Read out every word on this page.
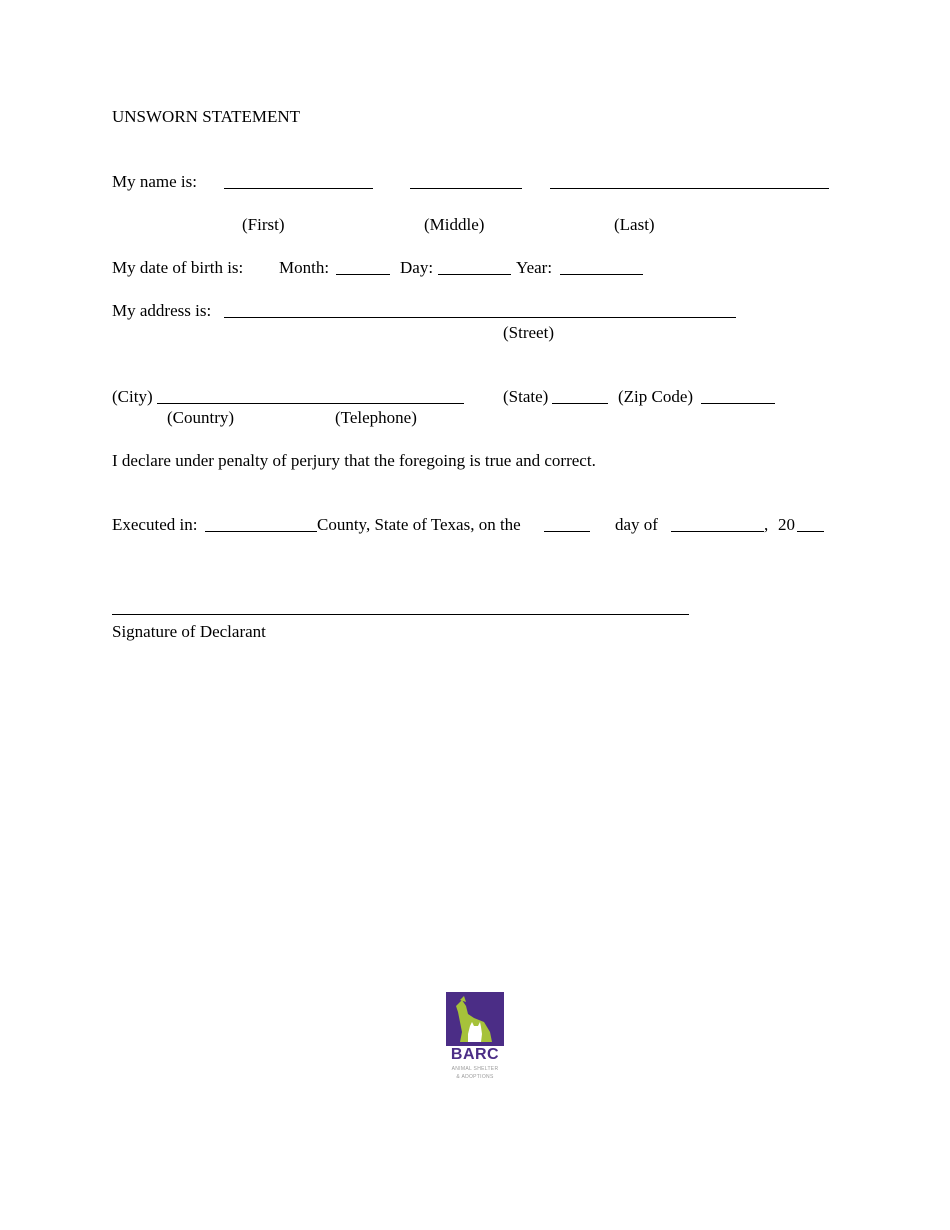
UNSWORN STATEMENT
My name is:
(First)	(Middle)	(Last)
My date of birth is: Month:	Day:	Year:
My address is:
(Street)
(City)	(State)	(Zip Code)
(Country)	(Telephone)
I declare under penalty of perjury that the foregoing is true and correct.
Executed in:	County, State of Texas, on the	day of	, 20
Signature of Declarant
BARC
ANIMAL SHELTER
& ADOPTIONS
